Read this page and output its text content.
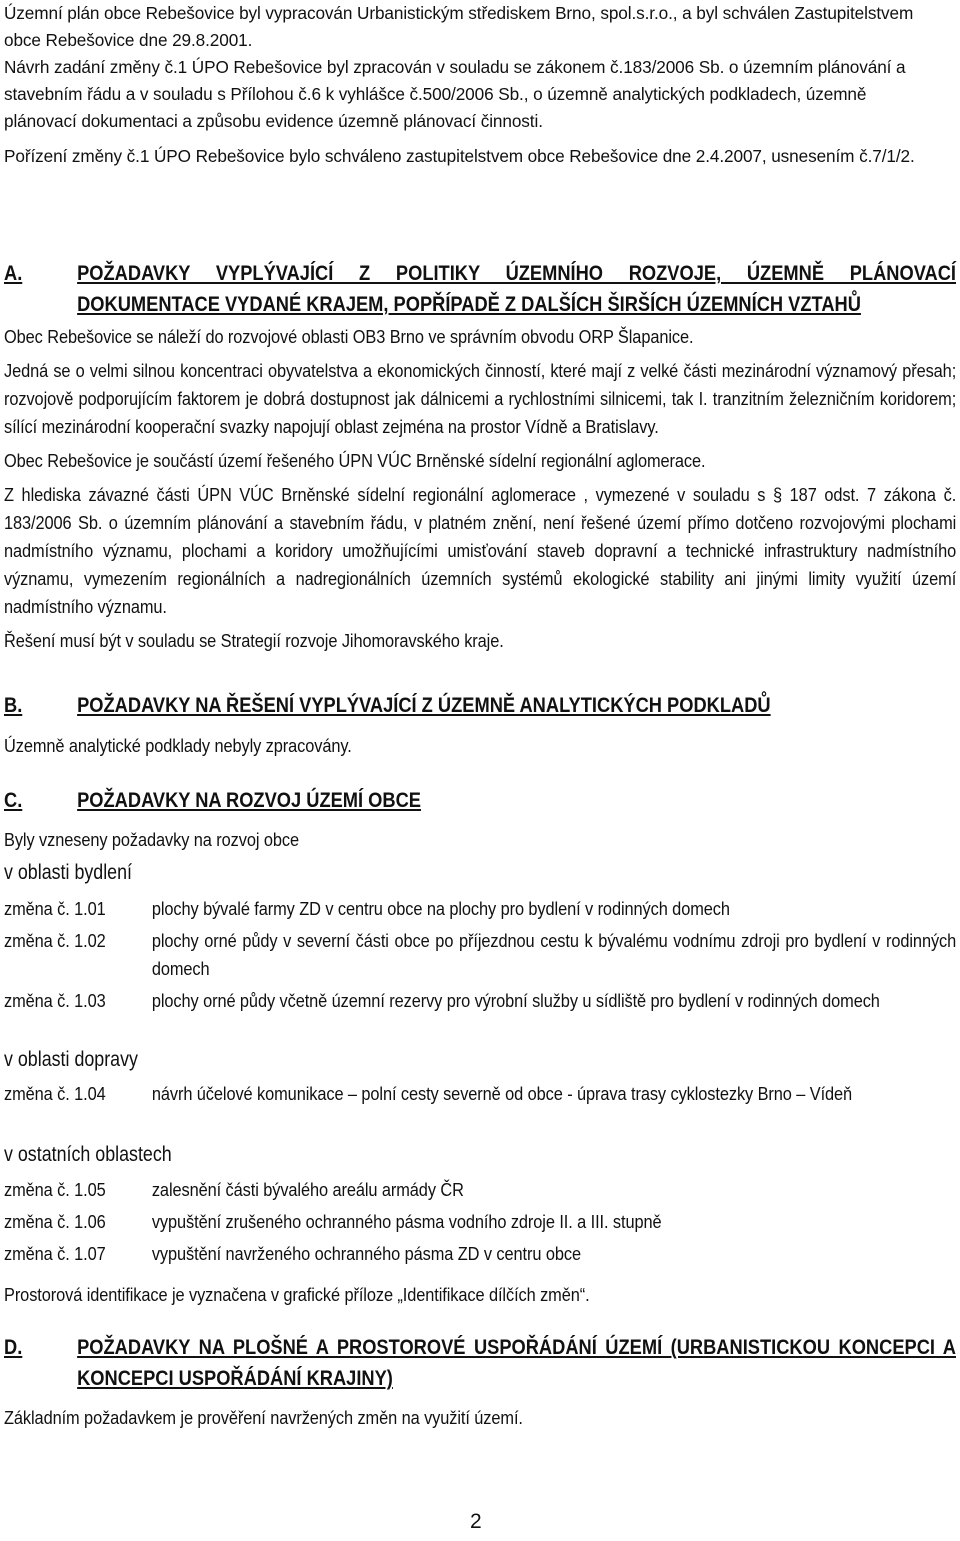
Územní plán obce Rebešovice byl vypracován Urbanistickým střediskem Brno, spol.s.r.o., a byl schválen Zastupitelstvem obce Rebešovice dne 29.8.2001.

Návrh zadání změny č.1 ÚPO Rebešovice byl zpracován v souladu se zákonem č.183/2006 Sb. o územním plánování a stavebním řádu a v souladu s Přílohou č.6 k vyhlášce č.500/2006 Sb., o územně analytických podkladech, územně plánovací dokumentaci a způsobu evidence územně plánovací činnosti.

Pořízení změny č.1 ÚPO Rebešovice bylo schváleno zastupitelstvem obce Rebešovice dne 2.4.2007, usnesením č.7/1/2.

A.	POŽADAVKY VYPLÝVAJÍCÍ Z POLITIKY ÚZEMNÍHO ROZVOJE, ÚZEMNĚ PLÁNOVACÍ DOKUMENTACE VYDANÉ KRAJEM, POPŘÍPADĚ Z DALŠÍCH ŠIRŠÍCH ÚZEMNÍCH VZTAHŮ

Obec Rebešovice se náleží do rozvojové oblasti OB3 Brno ve správním obvodu ORP Šlapanice.

Jedná se o velmi silnou koncentraci obyvatelstva a ekonomických činností, které mají z velké části mezinárodní významový přesah; rozvojově podporujícím faktorem je dobrá dostupnost jak dálnicemi a rychlostními silnicemi, tak I. tranzitním železničním koridorem; sílící mezinárodní kooperační svazky napojují oblast zejména na prostor Vídně a Bratislavy.

Obec Rebešovice je součástí území řešeného ÚPN VÚC Brněnské sídelní regionální aglomerace.

Z hlediska závazné části ÚPN VÚC Brněnské sídelní regionální aglomerace , vymezené v souladu s § 187 odst. 7 zákona č. 183/2006 Sb. o územním plánování a stavebním řádu, v platném znění, není řešené území přímo dotčeno rozvojovými plochami nadmístního významu, plochami a koridory umožňujícími umisťování staveb dopravní a technické infrastruktury nadmístního významu, vymezením regionálních a nadregionálních územních systémů ekologické stability ani jinými limity využití území nadmístního významu.

Řešení musí být v souladu se Strategií rozvoje Jihomoravského kraje.

B.	POŽADAVKY NA ŘEŠENÍ VYPLÝVAJÍCÍ Z ÚZEMNĚ ANALYTICKÝCH PODKLADŮ

Územně analytické podklady nebyly zpracovány.

C.	POŽADAVKY NA ROZVOJ ÚZEMÍ OBCE

Byly vzneseny požadavky na rozvoj obce

v oblasti bydlení
změna č. 1.01	plochy bývalé farmy ZD v centru obce na plochy pro bydlení v rodinných domech
změna č. 1.02	plochy orné půdy v severní části obce po příjezdnou cestu k bývalému vodnímu zdroji pro bydlení v rodinných domech
změna č. 1.03	plochy orné půdy včetně územní rezervy pro výrobní služby u sídliště pro bydlení v rodinných domech
v oblasti dopravy
změna č. 1.04	návrh účelové komunikace – polní cesty severně od obce - úprava trasy cyklostezky Brno – Vídeň
v ostatních oblastech
změna č. 1.05	zalesnění části bývalého areálu armády ČR
změna č. 1.06	vypuštění zrušeného ochranného pásma vodního zdroje II. a III. stupně
změna č. 1.07	vypuštění navrženého ochranného pásma ZD v centru obce

Prostorová identifikace je vyznačena v grafické příloze „Identifikace dílčích změn“.

D.	POŽADAVKY NA PLOŠNÉ A PROSTOROVÉ USPOŘÁDÁNÍ ÚZEMÍ (URBANISTICKOU KONCEPCI A KONCEPCI USPOŘÁDÁNÍ KRAJINY)

Základním požadavkem je prověření navržených změn na využití území.

2
